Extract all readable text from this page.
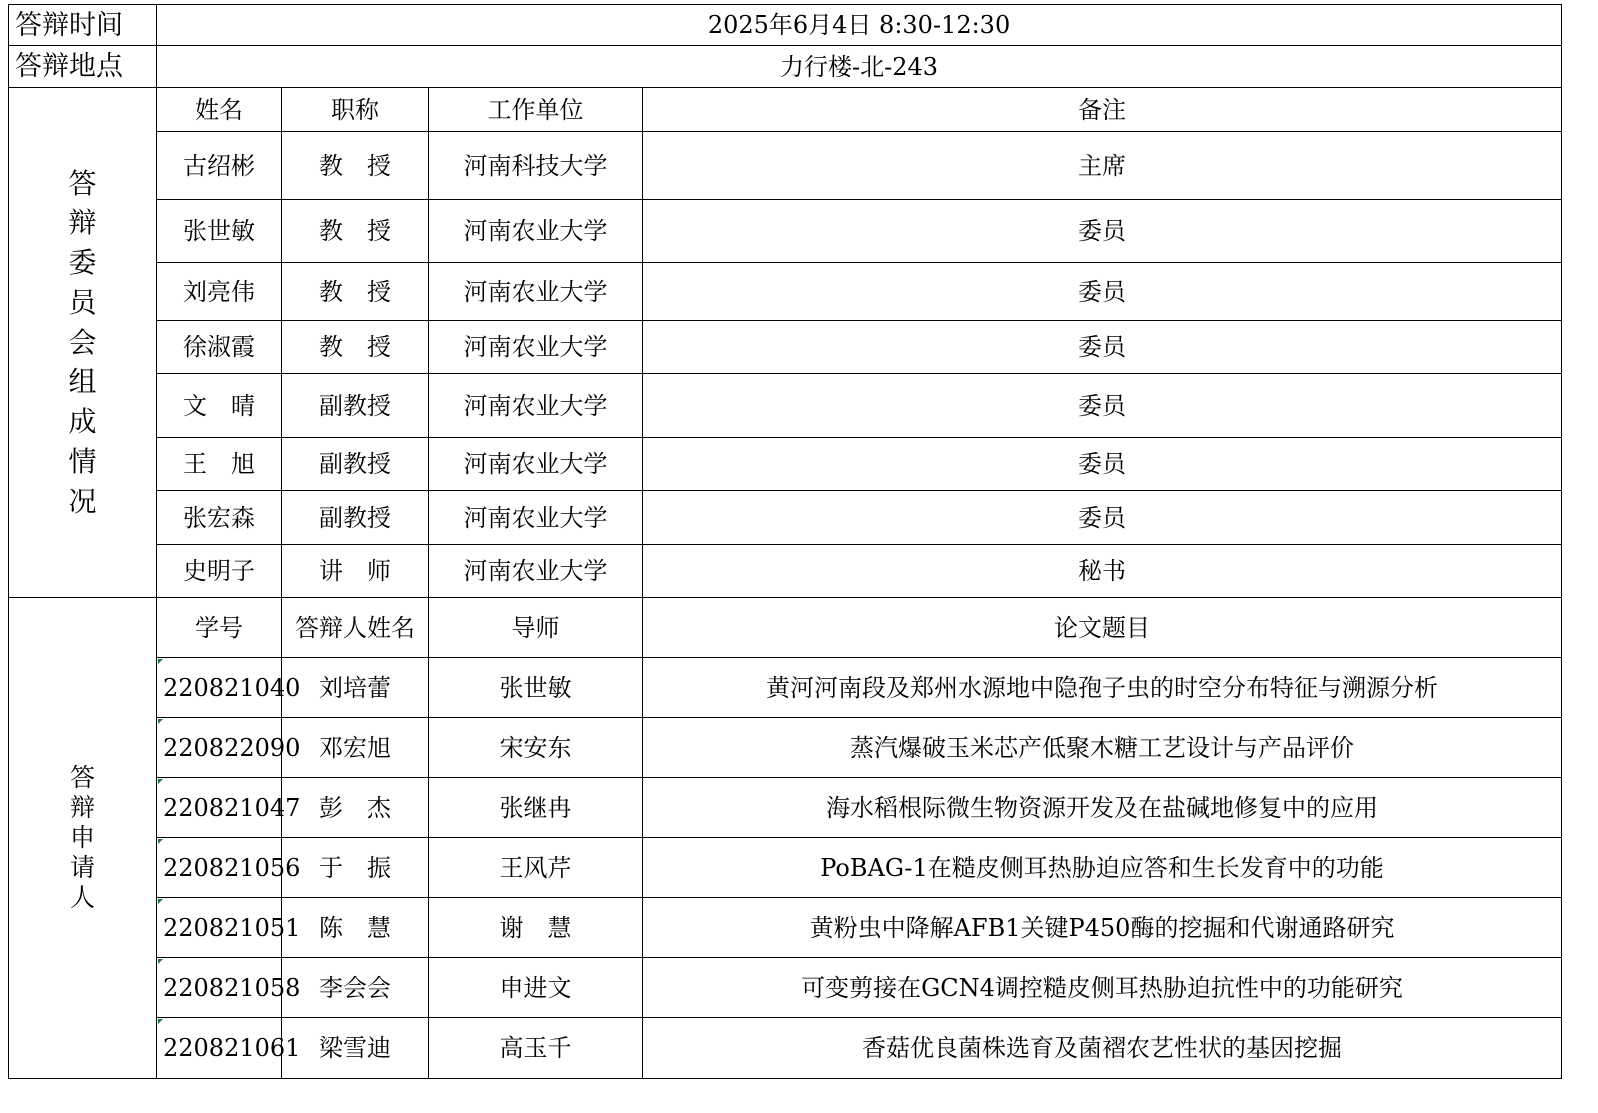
答辩时间	2025年6月4日 8:30-12:30			
答辩地点	力行楼-北-243			
答辩委员会组成情况	姓名	职称	工作单位	备注
	古绍彬	教　授	河南科技大学	主席
	张世敏	教　授	河南农业大学	委员
	刘亮伟	教　授	河南农业大学	委员
	徐淑霞	教　授	河南农业大学	委员
	文　晴	副教授	河南农业大学	委员
	王　旭	副教授	河南农业大学	委员
	张宏森	副教授	河南农业大学	委员
	史明子	讲　师	河南农业大学	秘书
答辩申请人	学号	答辩人姓名	导师	论文题目
	220821040	刘培蕾	张世敏	黄河河南段及郑州水源地中隐孢子虫的时空分布特征与溯源分析
	220822090	邓宏旭	宋安东	蒸汽爆破玉米芯产低聚木糖工艺设计与产品评价
	220821047	彭　杰	张继冉	海水稻根际微生物资源开发及在盐碱地修复中的应用
	220821056	于　振	王风芹	PoBAG-1在糙皮侧耳热胁迫应答和生长发育中的功能
	220821051	陈　慧	谢　慧	黄粉虫中降解AFB1关键P450酶的挖掘和代谢通路研究
	220821058	李会会	申进文	可变剪接在GCN4调控糙皮侧耳热胁迫抗性中的功能研究
	220821061	梁雪迪	高玉千	香菇优良菌株选育及菌褶农艺性状的基因挖掘
